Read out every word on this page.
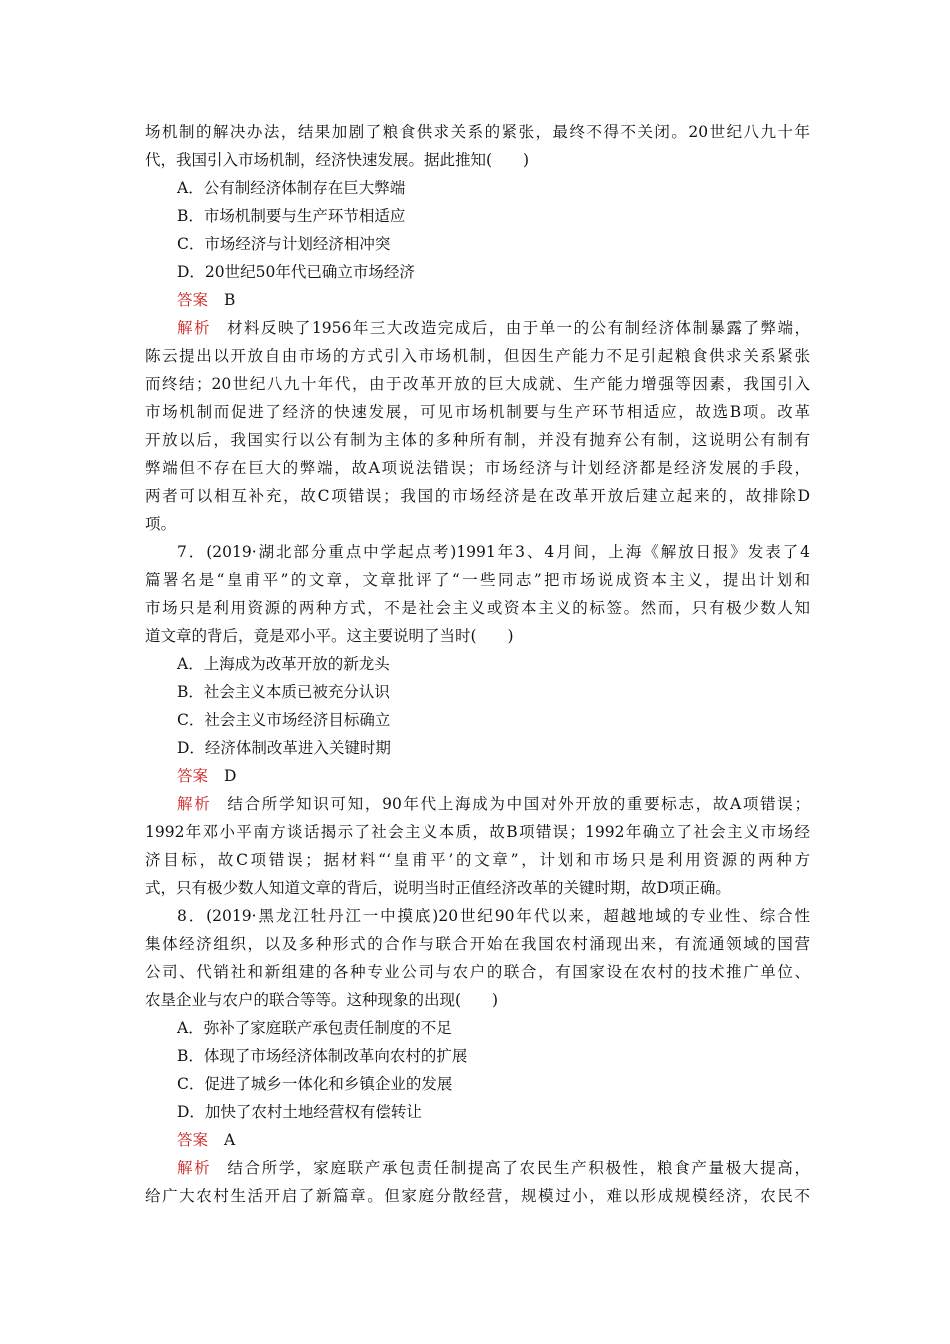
场机制的解决办法，结果加剧了粮食供求关系的紧张，最终不得不关闭。20世纪八九十年
代，我国引入市场机制，经济快速发展。据此推知(　　)
A．公有制经济体制存在巨大弊端
B．市场机制要与生产环节相适应
C．市场经济与计划经济相冲突
D．20世纪50年代已确立市场经济
答案 B
解析 材料反映了1956年三大改造完成后，由于单一的公有制经济体制暴露了弊端，
陈云提出以开放自由市场的方式引入市场机制，但因生产能力不足引起粮食供求关系紧张
而终结；20世纪八九十年代，由于改革开放的巨大成就、生产能力增强等因素，我国引入
市场机制而促进了经济的快速发展，可见市场机制要与生产环节相适应，故选B项。改革
开放以后，我国实行以公有制为主体的多种所有制，并没有抛弃公有制，这说明公有制有
弊端但不存在巨大的弊端，故A项说法错误；市场经济与计划经济都是经济发展的手段，
两者可以相互补充，故C项错误；我国的市场经济是在改革开放后建立起来的，故排除D
项。
7．(2019·湖北部分重点中学起点考)1991年3、4月间，上海《解放日报》发表了4
篇署名是“皇甫平”的文章，文章批评了“一些同志”把市场说成资本主义，提出计划和
市场只是利用资源的两种方式，不是社会主义或资本主义的标签。然而，只有极少数人知
道文章的背后，竟是邓小平。这主要说明了当时(　　)
A．上海成为改革开放的新龙头
B．社会主义本质已被充分认识
C．社会主义市场经济目标确立
D．经济体制改革进入关键时期
答案 D
解析 结合所学知识可知，90年代上海成为中国对外开放的重要标志，故A项错误；
1992年邓小平南方谈话揭示了社会主义本质，故B项错误；1992年确立了社会主义市场经
济目标，故C项错误；据材料“‘皇甫平’的文章”，计划和市场只是利用资源的两种方
式，只有极少数人知道文章的背后，说明当时正值经济改革的关键时期，故D项正确。
8．(2019·黑龙江牡丹江一中摸底)20世纪90年代以来，超越地域的专业性、综合性
集体经济组织，以及多种形式的合作与联合开始在我国农村涌现出来，有流通领域的国营
公司、代销社和新组建的各种专业公司与农户的联合，有国家设在农村的技术推广单位、
农垦企业与农户的联合等等。这种现象的出现(　　)
A．弥补了家庭联产承包责任制度的不足
B．体现了市场经济体制改革向农村的扩展
C．促进了城乡一体化和乡镇企业的发展
D．加快了农村土地经营权有偿转让
答案 A
解析 结合所学，家庭联产承包责任制提高了农民生产积极性，粮食产量极大提高，
给广大农村生活开启了新篇章。但家庭分散经营，规模过小，难以形成规模经济，农民不
